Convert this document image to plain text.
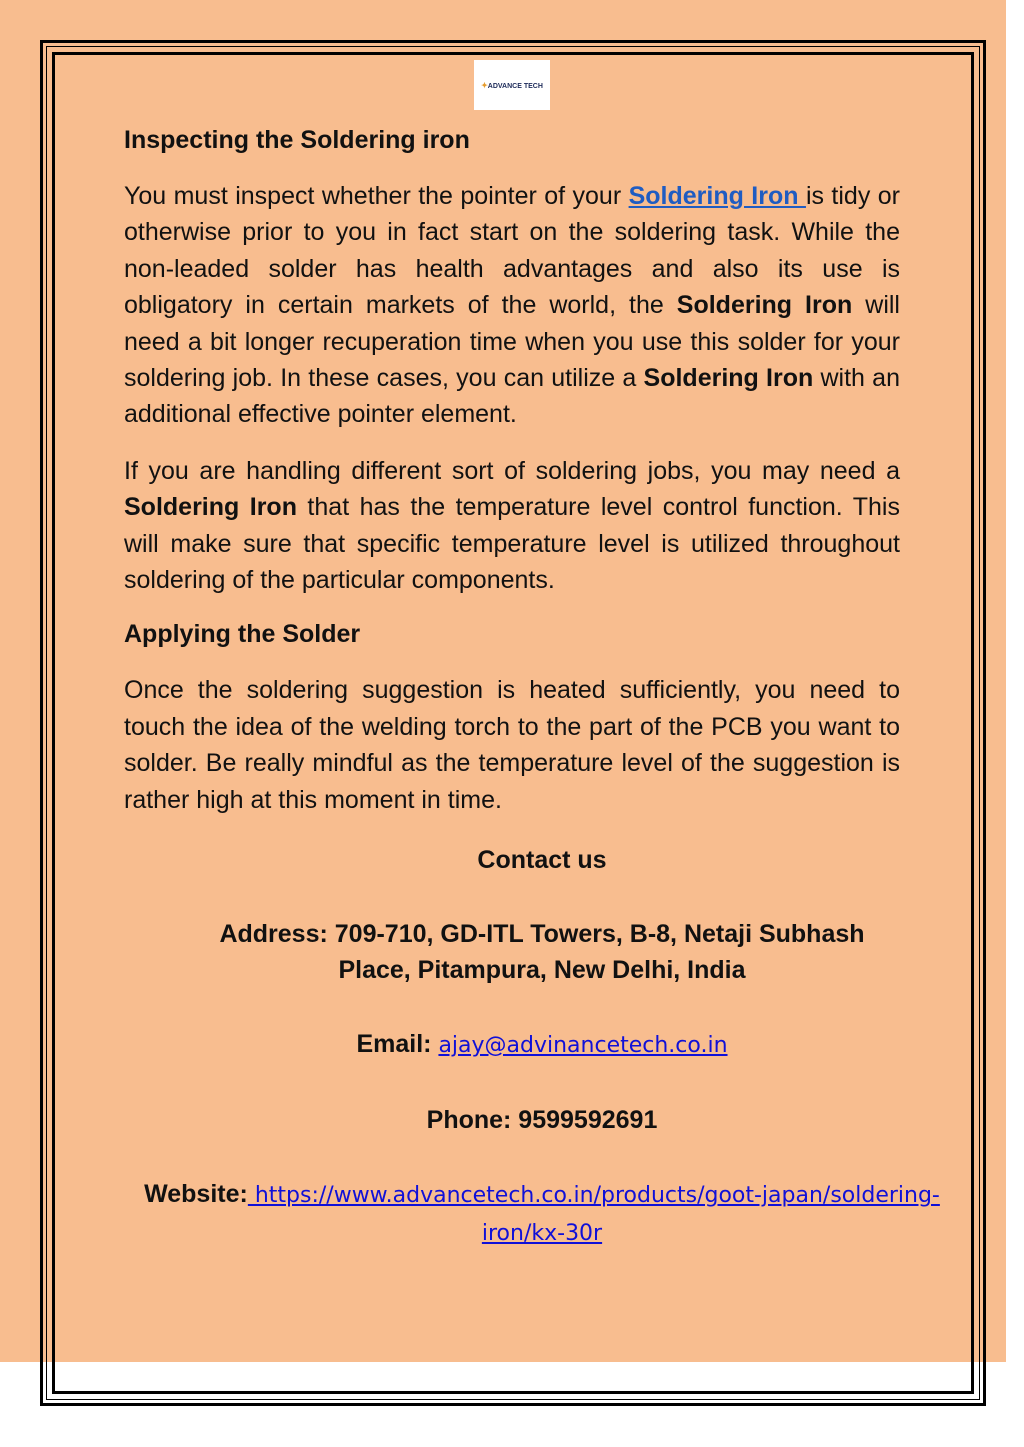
✦ADVANCE TECH
Inspecting the Soldering iron

You must inspect whether the pointer of your Soldering Iron is tidy or otherwise prior to you in fact start on the soldering task. While the non-leaded solder has health advantages and also its use is obligatory in certain markets of the world, the Soldering Iron will need a bit longer recuperation time when you use this solder for your soldering job. In these cases, you can utilize a Soldering Iron with an additional effective pointer element.

If you are handling different sort of soldering jobs, you may need a Soldering Iron that has the temperature level control function. This will make sure that specific temperature level is utilized throughout soldering of the particular components.

Applying the Solder

Once the soldering suggestion is heated sufficiently, you need to touch the idea of the welding torch to the part of the PCB you want to solder. Be really mindful as the temperature level of the suggestion is rather high at this moment in time.

Contact us
Address: 709-710, GD-ITL Towers, B-8, Netaji Subhash Place, Pitampura, New Delhi, India
Email: ajay@advinancetech.co.in
Phone: 9599592691
Website: https://www.advancetech.co.in/products/goot-japan/soldering-iron/kx-30r
